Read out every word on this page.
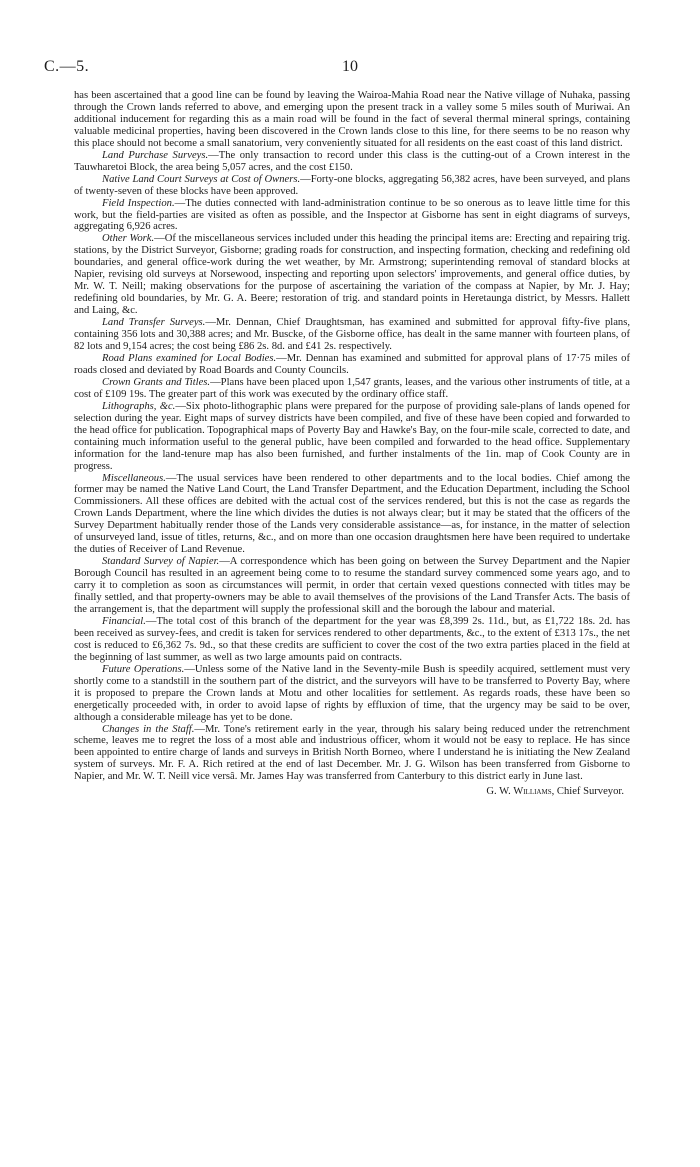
C.—5.	10

has been ascertained that a good line can be found by leaving the Wairoa-Mahia Road near the Native village of Nuhaka, passing through the Crown lands referred to above, and emerging upon the present track in a valley some 5 miles south of Muriwai. An additional inducement for regarding this as a main road will be found in the fact of several thermal mineral springs, containing valuable medicinal properties, having been discovered in the Crown lands close to this line, for there seems to be no reason why this place should not become a small sanatorium, very conveniently situated for all residents on the east coast of this land district.

Land Purchase Surveys.—The only transaction to record under this class is the cutting-out of a Crown interest in the Tauwharetoi Block, the area being 5,057 acres, and the cost £150.

Native Land Court Surveys at Cost of Owners.—Forty-one blocks, aggregating 56,382 acres, have been surveyed, and plans of twenty-seven of these blocks have been approved.

Field Inspection.—The duties connected with land-administration continue to be so onerous as to leave little time for this work, but the field-parties are visited as often as possible, and the Inspector at Gisborne has sent in eight diagrams of surveys, aggregating 6,926 acres.

Other Work.—Of the miscellaneous services included under this heading the principal items are: Erecting and repairing trig. stations, by the District Surveyor, Gisborne; grading roads for construction, and inspecting formation, checking and redefining old boundaries, and general office-work during the wet weather, by Mr. Armstrong; superintending removal of standard blocks at Napier, revising old surveys at Norsewood, inspecting and reporting upon selectors' improvements, and general office duties, by Mr. W. T. Neill; making observations for the purpose of ascertaining the variation of the compass at Napier, by Mr. J. Hay; redefining old boundaries, by Mr. G. A. Beere; restoration of trig. and standard points in Heretaunga district, by Messrs. Hallett and Laing, &c.

Land Transfer Surveys.—Mr. Dennan, Chief Draughtsman, has examined and submitted for approval fifty-five plans, containing 356 lots and 30,388 acres; and Mr. Buscke, of the Gisborne office, has dealt in the same manner with fourteen plans, of 82 lots and 9,154 acres; the cost being £86 2s. 8d. and £41 2s. respectively.

Road Plans examined for Local Bodies.—Mr. Dennan has examined and submitted for approval plans of 17·75 miles of roads closed and deviated by Road Boards and County Councils.

Crown Grants and Titles.—Plans have been placed upon 1,547 grants, leases, and the various other instruments of title, at a cost of £109 19s. The greater part of this work was executed by the ordinary office staff.

Lithographs, &c.—Six photo-lithographic plans were prepared for the purpose of providing sale-plans of lands opened for selection during the year. Eight maps of survey districts have been compiled, and five of these have been copied and forwarded to the head office for publication. Topographical maps of Poverty Bay and Hawke's Bay, on the four-mile scale, corrected to date, and containing much information useful to the general public, have been compiled and forwarded to the head office. Supplementary information for the land-tenure map has also been furnished, and further instalments of the 1in. map of Cook County are in progress.

Miscellaneous.—The usual services have been rendered to other departments and to the local bodies. Chief among the former may be named the Native Land Court, the Land Transfer Department, and the Education Department, including the School Commissioners. All these offices are debited with the actual cost of the services rendered, but this is not the case as regards the Crown Lands Department, where the line which divides the duties is not always clear; but it may be stated that the officers of the Survey Department habitually render those of the Lands very considerable assistance—as, for instance, in the matter of selection of unsurveyed land, issue of titles, returns, &c., and on more than one occasion draughtsmen here have been required to undertake the duties of Receiver of Land Revenue.

Standard Survey of Napier.—A correspondence which has been going on between the Survey Department and the Napier Borough Council has resulted in an agreement being come to to resume the standard survey commenced some years ago, and to carry it to completion as soon as circumstances will permit, in order that certain vexed questions connected with titles may be finally settled, and that property-owners may be able to avail themselves of the provisions of the Land Transfer Acts. The basis of the arrangement is, that the department will supply the professional skill and the borough the labour and material.

Financial.—The total cost of this branch of the department for the year was £8,399 2s. 11d., but, as £1,722 18s. 2d. has been received as survey-fees, and credit is taken for services rendered to other departments, &c., to the extent of £313 17s., the net cost is reduced to £6,362 7s. 9d., so that these credits are sufficient to cover the cost of the two extra parties placed in the field at the beginning of last summer, as well as two large amounts paid on contracts.

Future Operations.—Unless some of the Native land in the Seventy-mile Bush is speedily acquired, settlement must very shortly come to a standstill in the southern part of the district, and the surveyors will have to be transferred to Poverty Bay, where it is proposed to prepare the Crown lands at Motu and other localities for settlement. As regards roads, these have been so energetically proceeded with, in order to avoid lapse of rights by effluxion of time, that the urgency may be said to be over, although a considerable mileage has yet to be done.

Changes in the Staff.—Mr. Tone's retirement early in the year, through his salary being reduced under the retrenchment scheme, leaves me to regret the loss of a most able and industrious officer, whom it would not be easy to replace. He has since been appointed to entire charge of lands and surveys in British North Borneo, where I understand he is initiating the New Zealand system of surveys. Mr. F. A. Rich retired at the end of last December. Mr. J. G. Wilson has been transferred from Gisborne to Napier, and Mr. W. T. Neill vice versâ. Mr. James Hay was transferred from Canterbury to this district early in June last.

G. W. Williams, Chief Surveyor.
